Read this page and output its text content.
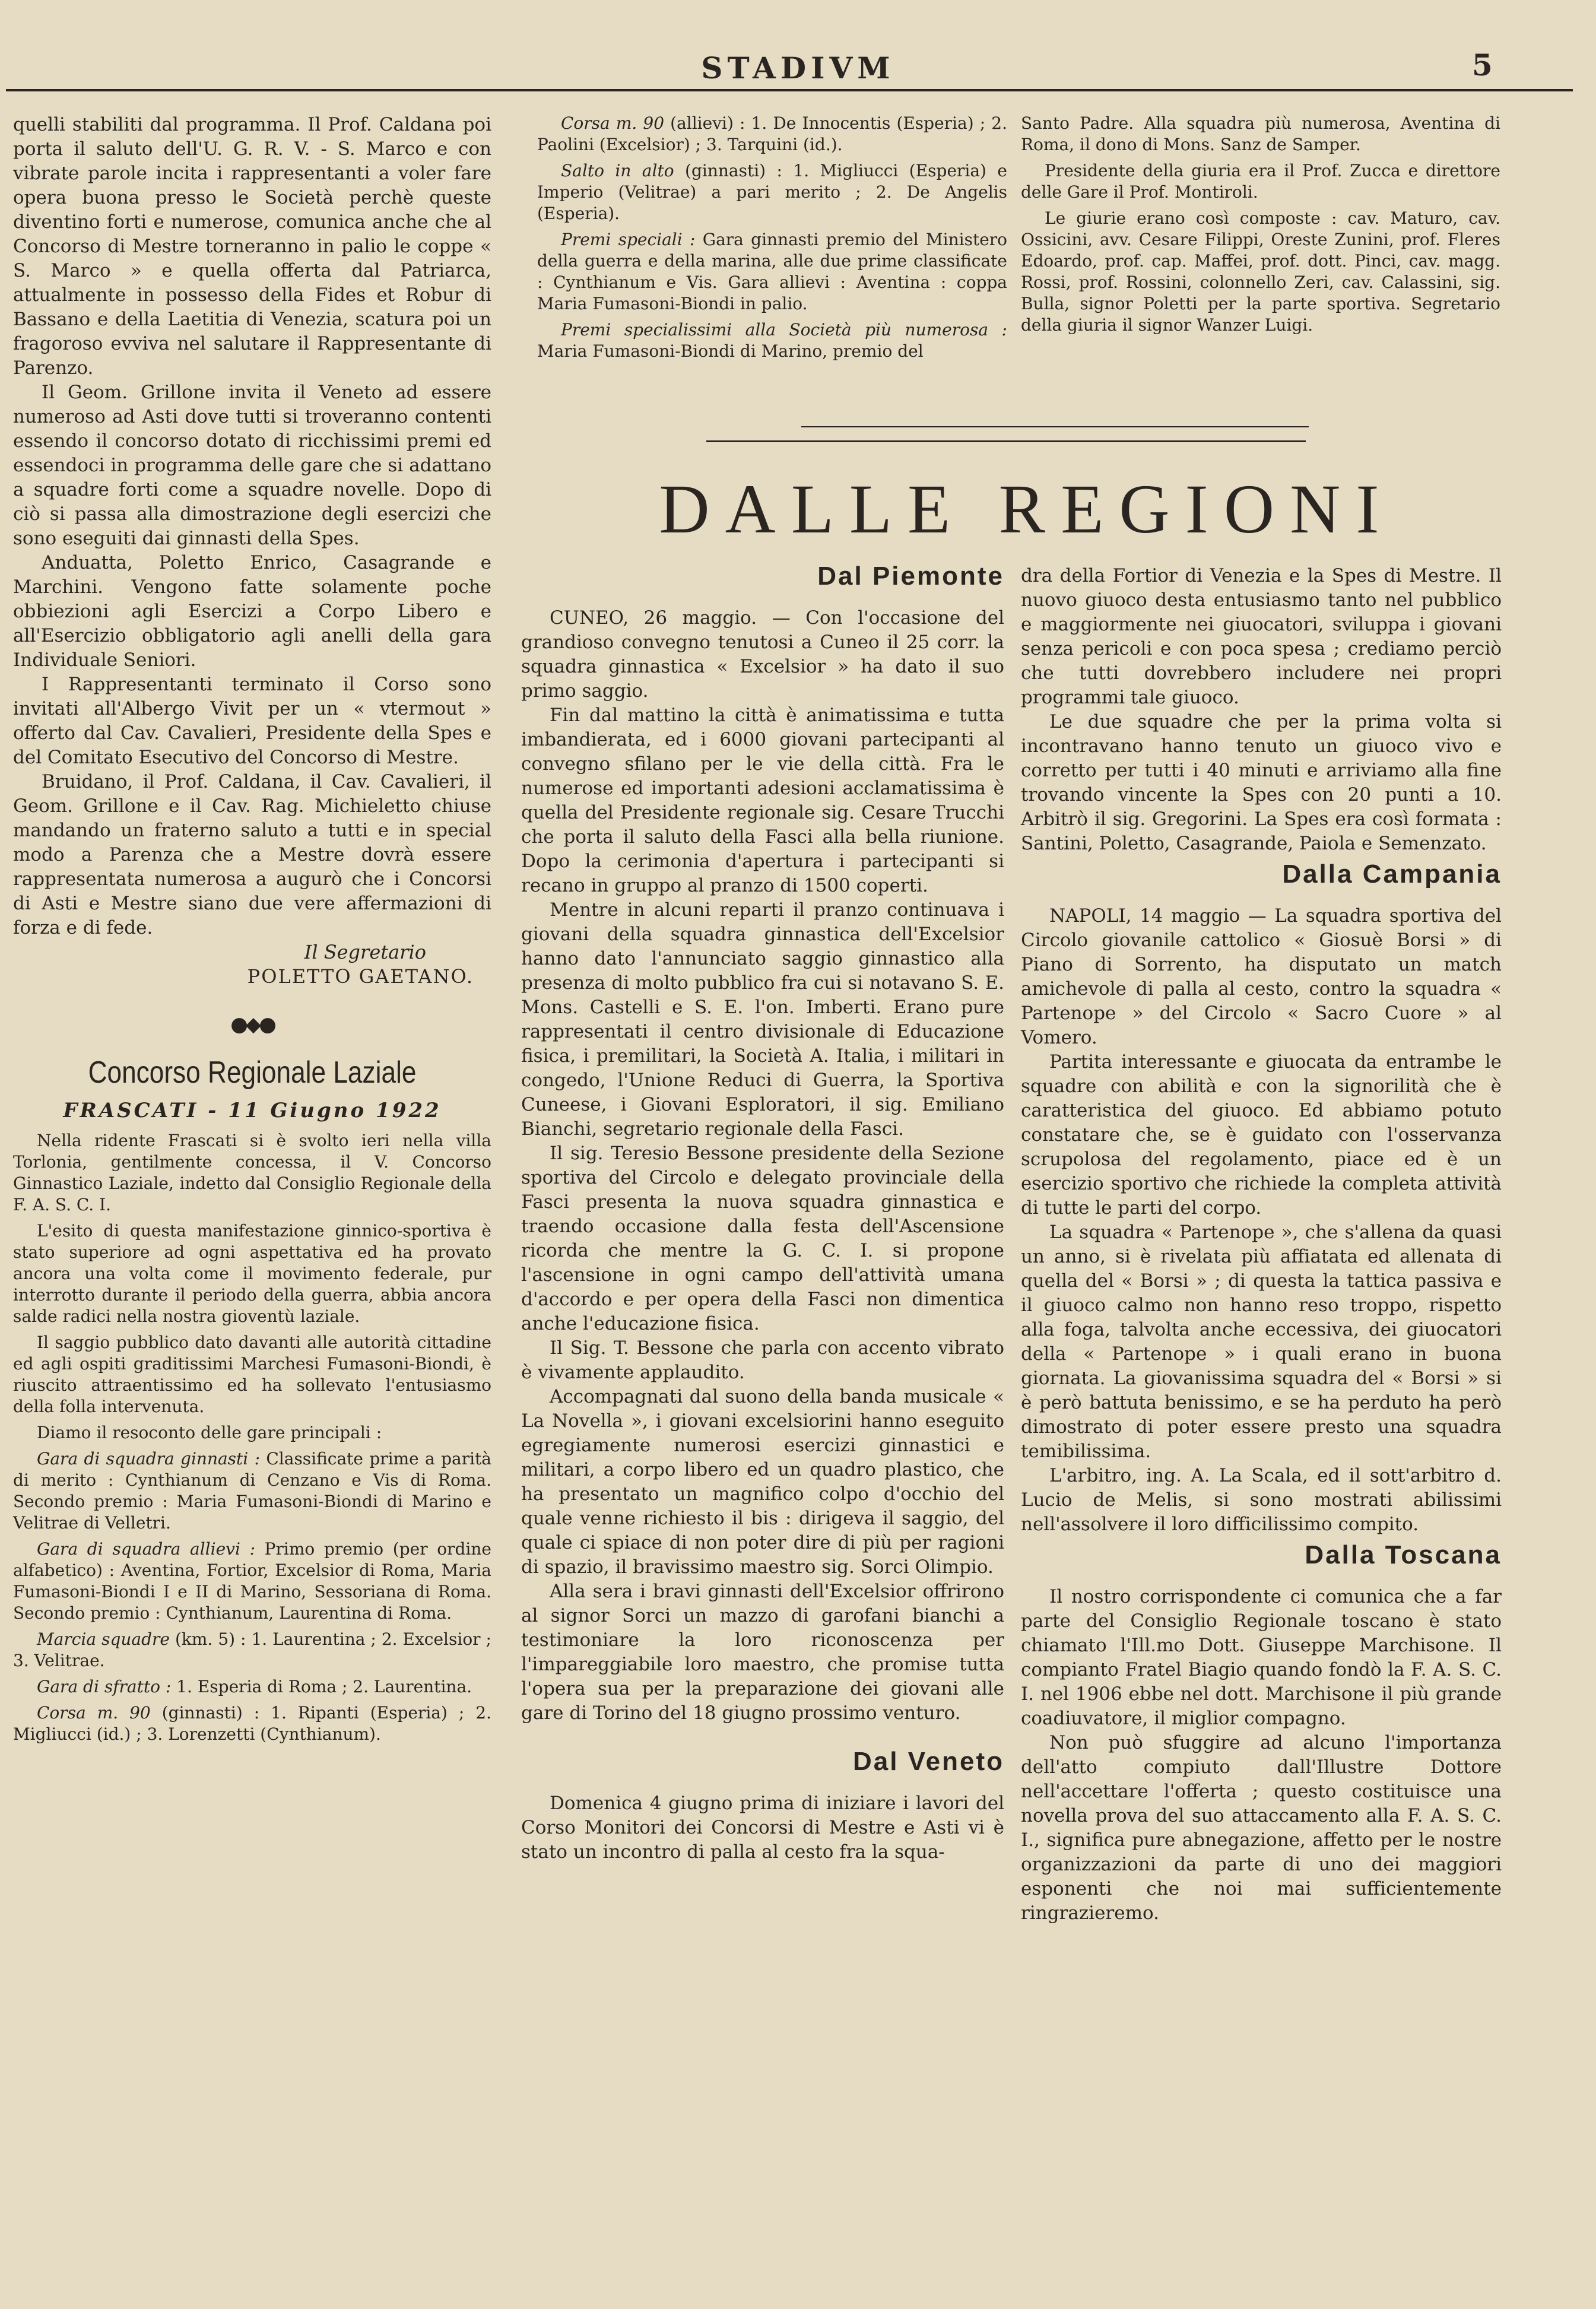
STADIVM	5

quelli stabiliti dal programma. Il Prof. Caldana poi porta il saluto dell'U. G. R. V. - S. Marco e con vibrate parole incita i rappresentanti a voler fare opera buona presso le Società perchè queste diventino forti e numerose, comunica anche che al Concorso di Mestre torneranno in palio le coppe « S. Marco » e quella offerta dal Patriarca, attualmente in possesso della Fides et Robur di Bassano e della Laetitia di Venezia, scatura poi un fragoroso evviva nel salutare il Rappresentante di Parenzo.

Il Geom. Grillone invita il Veneto ad essere numeroso ad Asti dove tutti si troveranno contenti essendo il concorso dotato di ricchissimi premi ed essendoci in programma delle gare che si adattano a squadre forti come a squadre novelle. Dopo di ciò si passa alla dimostrazione degli esercizi che sono eseguiti dai ginnasti della Spes.

Anduatta, Poletto Enrico, Casagrande e Marchini. Vengono fatte solamente poche obbiezioni agli Esercizi a Corpo Libero e all'Esercizio obbligatorio agli anelli della gara Individuale Seniori.

I Rappresentanti terminato il Corso sono invitati all'Albergo Vivit per un « vtermout » offerto dal Cav. Cavalieri, Presidente della Spes e del Comitato Esecutivo del Concorso di Mestre.

Bruidano, il Prof. Caldana, il Cav. Cavalieri, il Geom. Grillone e il Cav. Rag. Michieletto chiuse mandando un fraterno saluto a tutti e in special modo a Parenza che a Mestre dovrà essere rappresentata numerosa a augurò che i Concorsi di Asti e Mestre siano due vere affermazioni di forza e di fede.

Il Segretario
POLETTO GAETANO.
●◆●
Concorso Regionale Laziale
FRASCATI - 11 Giugno 1922

Nella ridente Frascati si è svolto ieri nella villa Torlonia, gentilmente concessa, il V. Concorso Ginnastico Laziale, indetto dal Consiglio Regionale della F. A. S. C. I.

L'esito di questa manifestazione ginnico-sportiva è stato superiore ad ogni aspettativa ed ha provato ancora una volta come il movimento federale, pur interrotto durante il periodo della guerra, abbia ancora salde radici nella nostra gioventù laziale.

Il saggio pubblico dato davanti alle autorità cittadine ed agli ospiti graditissimi Marchesi Fumasoni-Biondi, è riuscito attraentissimo ed ha sollevato l'entusiasmo della folla intervenuta.

Diamo il resoconto delle gare principali :

Gara di squadra ginnasti : Classificate prime a parità di merito : Cynthianum di Cenzano e Vis di Roma. Secondo premio : Maria Fumasoni-Biondi di Marino e Velitrae di Velletri.

Gara di squadra allievi : Primo premio (per ordine alfabetico) : Aventina, Fortior, Excelsior di Roma, Maria Fumasoni-Biondi I e II di Marino, Sessoriana di Roma. Secondo premio : Cynthianum, Laurentina di Roma.

Marcia squadre (km. 5) : 1. Laurentina ; 2. Excelsior ; 3. Velitrae.

Gara di sfratto : 1. Esperia di Roma ; 2. Laurentina.

Corsa m. 90 (ginnasti) : 1. Ripanti (Esperia) ; 2. Migliucci (id.) ; 3. Lorenzetti (Cynthianum).

Corsa m. 90 (allievi) : 1. De Innocentis (Esperia) ; 2. Paolini (Excelsior) ; 3. Tarquini (id.).

Salto in alto (ginnasti) : 1. Migliucci (Esperia) e Imperio (Velitrae) a pari merito ; 2. De Angelis (Esperia).

Premi speciali : Gara ginnasti premio del Ministero della guerra e della marina, alle due prime classificate : Cynthianum e Vis. Gara allievi : Aventina : coppa Maria Fumasoni-Biondi in palio.

Premi specialissimi alla Società più numerosa : Maria Fumasoni-Biondi di Marino, premio del

Santo Padre. Alla squadra più numerosa, Aventina di Roma, il dono di Mons. Sanz de Samper.

Presidente della giuria era il Prof. Zucca e direttore delle Gare il Prof. Montiroli.

Le giurie erano così composte : cav. Maturo, cav. Ossicini, avv. Cesare Filippi, Oreste Zunini, prof. Fleres Edoardo, prof. cap. Maffei, prof. dott. Pinci, cav. magg. Rossi, prof. Rossini, colonnello Zeri, cav. Calassini, sig. Bulla, signor Poletti per la parte sportiva. Segretario della giuria il signor Wanzer Luigi.

DALLE REGIONI
Dal Piemonte

CUNEO, 26 maggio. — Con l'occasione del grandioso convegno tenutosi a Cuneo il 25 corr. la squadra ginnastica « Excelsior » ha dato il suo primo saggio.

Fin dal mattino la città è animatissima e tutta imbandierata, ed i 6000 giovani partecipanti al convegno sfilano per le vie della città. Fra le numerose ed importanti adesioni acclamatissima è quella del Presidente regionale sig. Cesare Trucchi che porta il saluto della Fasci alla bella riunione. Dopo la cerimonia d'apertura i partecipanti si recano in gruppo al pranzo di 1500 coperti.

Mentre in alcuni reparti il pranzo continuava i giovani della squadra ginnastica dell'Excelsior hanno dato l'annunciato saggio ginnastico alla presenza di molto pubblico fra cui si notavano S. E. Mons. Castelli e S. E. l'on. Imberti. Erano pure rappresentati il centro divisionale di Educazione fisica, i premilitari, la Società A. Italia, i militari in congedo, l'Unione Reduci di Guerra, la Sportiva Cuneese, i Giovani Esploratori, il sig. Emiliano Bianchi, segretario regionale della Fasci.

Il sig. Teresio Bessone presidente della Sezione sportiva del Circolo e delegato provinciale della Fasci presenta la nuova squadra ginnastica e traendo occasione dalla festa dell'Ascensione ricorda che mentre la G. C. I. si propone l'ascensione in ogni campo dell'attività umana d'accordo e per opera della Fasci non dimentica anche l'educazione fisica.

Il Sig. T. Bessone che parla con accento vibrato è vivamente applaudito.

Accompagnati dal suono della banda musicale « La Novella », i giovani excelsiorini hanno eseguito egregiamente numerosi esercizi ginnastici e militari, a corpo libero ed un quadro plastico, che ha presentato un magnifico colpo d'occhio del quale venne richiesto il bis : dirigeva il saggio, del quale ci spiace di non poter dire di più per ragioni di spazio, il bravissimo maestro sig. Sorci Olimpio.

Alla sera i bravi ginnasti dell'Excelsior offrirono al signor Sorci un mazzo di garofani bianchi a testimoniare la loro riconoscenza per l'impareggiabile loro maestro, che promise tutta l'opera sua per la preparazione dei giovani alle gare di Torino del 18 giugno prossimo venturo.

Dal Veneto

Domenica 4 giugno prima di iniziare i lavori del Corso Monitori dei Concorsi di Mestre e Asti vi è stato un incontro di palla al cesto fra la squa-

dra della Fortior di Venezia e la Spes di Mestre. Il nuovo giuoco desta entusiasmo tanto nel pubblico e maggiormente nei giuocatori, sviluppa i giovani senza pericoli e con poca spesa ; crediamo perciò che tutti dovrebbero includere nei propri programmi tale giuoco.

Le due squadre che per la prima volta si incontravano hanno tenuto un giuoco vivo e corretto per tutti i 40 minuti e arriviamo alla fine trovando vincente la Spes con 20 punti a 10. Arbitrò il sig. Gregorini. La Spes era così formata : Santini, Poletto, Casagrande, Paiola e Semenzato.

Dalla Campania

NAPOLI, 14 maggio — La squadra sportiva del Circolo giovanile cattolico « Giosuè Borsi » di Piano di Sorrento, ha disputato un match amichevole di palla al cesto, contro la squadra « Partenope » del Circolo « Sacro Cuore » al Vomero.

Partita interessante e giuocata da entrambe le squadre con abilità e con la signorilità che è caratteristica del giuoco. Ed abbiamo potuto constatare che, se è guidato con l'osservanza scrupolosa del regolamento, piace ed è un esercizio sportivo che richiede la completa attività di tutte le parti del corpo.

La squadra « Partenope », che s'allena da quasi un anno, si è rivelata più affiatata ed allenata di quella del « Borsi » ; di questa la tattica passiva e il giuoco calmo non hanno reso troppo, rispetto alla foga, talvolta anche eccessiva, dei giuocatori della « Partenope » i quali erano in buona giornata. La giovanissima squadra del « Borsi » si è però battuta benissimo, e se ha perduto ha però dimostrato di poter essere presto una squadra temibilissima.

L'arbitro, ing. A. La Scala, ed il sott'arbitro d. Lucio de Melis, si sono mostrati abilissimi nell'assolvere il loro difficilissimo compito.

Dalla Toscana

Il nostro corrispondente ci comunica che a far parte del Consiglio Regionale toscano è stato chiamato l'Ill.mo Dott. Giuseppe Marchisone. Il compianto Fratel Biagio quando fondò la F. A. S. C. I. nel 1906 ebbe nel dott. Marchisone il più grande coadiuvatore, il miglior compagno.

Non può sfuggire ad alcuno l'importanza dell'atto compiuto dall'Illustre Dottore nell'accettare l'offerta ; questo costituisce una novella prova del suo attaccamento alla F. A. S. C. I., significa pure abnegazione, affetto per le nostre organizzazioni da parte di uno dei maggiori esponenti che noi mai sufficientemente ringrazieremo.
